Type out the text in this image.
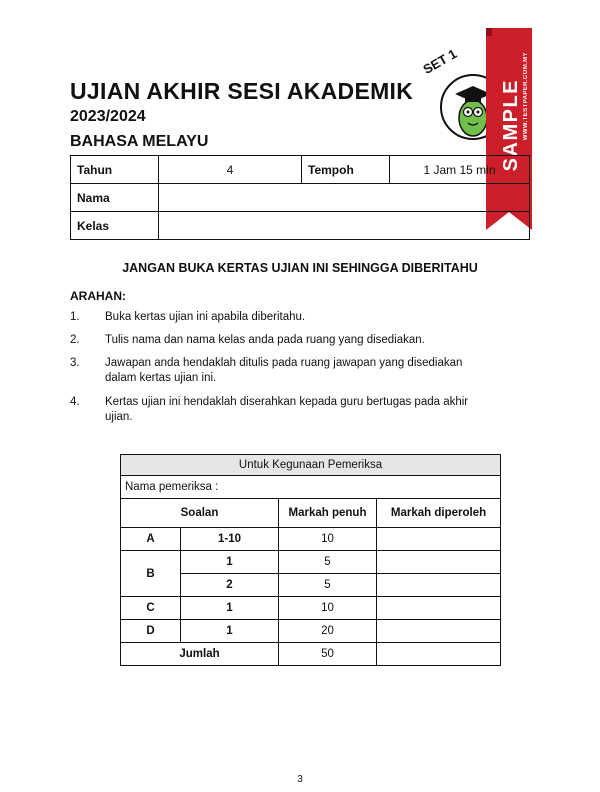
UJIAN AKHIR SESI AKADEMIK
2023/2024
BAHASA MELAYU
SET 1
SAMPLE WWW.TESTPAPER.COM.MY
Tahun	4	Tempoh	1 Jam 15 min
Nama			
Kelas			
JANGAN BUKA KERTAS UJIAN INI SEHINGGA DIBERITAHU
ARAHAN:
1. Buka kertas ujian ini apabila diberitahu.
2. Tulis nama dan nama kelas anda pada ruang yang disediakan.
3. Jawapan anda hendaklah ditulis pada ruang jawapan yang disediakan dalam kertas ujian ini.
4. Kertas ujian ini hendaklah diserahkan kepada guru bertugas pada akhir ujian.
Untuk Kegunaan Pemeriksa			
Nama pemeriksa :			
Soalan		Markah penuh	Markah diperoleh
A	1-10	10	
B	1	5	
	2	5	
C	1	10	
D	1	20	
Jumlah		50	
3
